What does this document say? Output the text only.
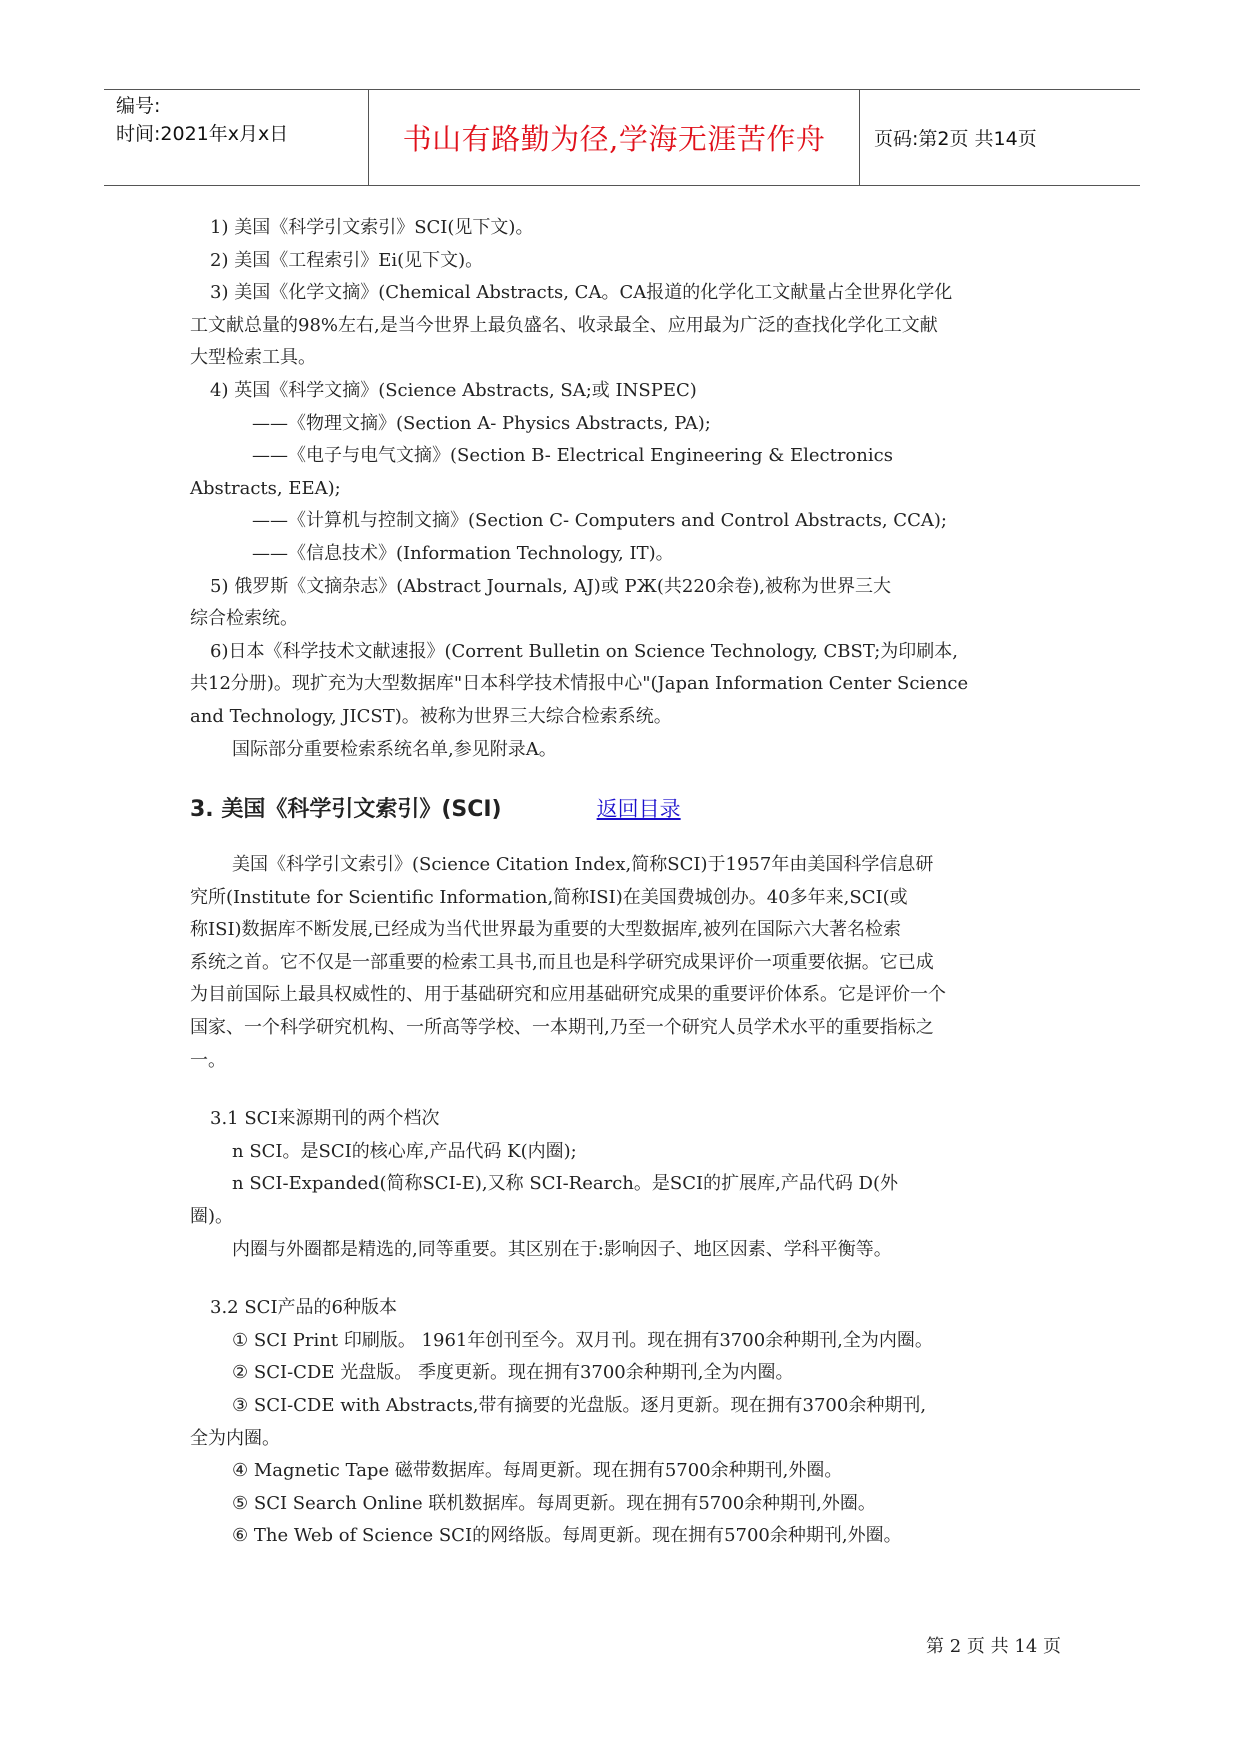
编号:
时间:2021年x月x日	书山有路勤为径,学海无涯苦作舟	页码:第2页 共14页

1) 美国《科学引文索引》SCI(见下文)。

2) 美国《工程索引》Ei(见下文)。

3) 美国《化学文摘》(Chemical Abstracts, CA。CA报道的化学化工文献量占全世界化学化

工文献总量的98%左右,是当今世界上最负盛名、收录最全、应用最为广泛的查找化学化工文献

大型检索工具。

4) 英国《科学文摘》(Science Abstracts, SA;或 INSPEC)

——《物理文摘》(Section A- Physics Abstracts, PA);

——《电子与电气文摘》(Section B- Electrical Engineering & Electronics

Abstracts, EEA);

——《计算机与控制文摘》(Section C- Computers and Control Abstracts, CCA);

——《信息技术》(Information Technology, IT)。

5) 俄罗斯《文摘杂志》(Abstract Journals, AJ)或 РЖ(共220余卷),被称为世界三大

综合检索统。

6)日本《科学技术文献速报》(Corrent Bulletin on Science Technology, CBST;为印刷本,

共12分册)。现扩充为大型数据库"日本科学技术情报中心"(Japan Information Center Science

and Technology, JICST)。被称为世界三大综合检索系统。

国际部分重要检索系统名单,参见附录A。

3. 美国《科学引文索引》(SCI)	返回目录

美国《科学引文索引》(Science Citation Index,简称SCI)于1957年由美国科学信息研

究所(Institute for Scientific Information,简称ISI)在美国费城创办。40多年来,SCI(或

称ISI)数据库不断发展,已经成为当代世界最为重要的大型数据库,被列在国际六大著名检索

系统之首。它不仅是一部重要的检索工具书,而且也是科学研究成果评价一项重要依据。它已成

为目前国际上最具权威性的、用于基础研究和应用基础研究成果的重要评价体系。它是评价一个

国家、一个科学研究机构、一所高等学校、一本期刊,乃至一个研究人员学术水平的重要指标之

一。

3.1 SCI来源期刊的两个档次

n SCI。是SCI的核心库,产品代码 K(内圈);

n SCI-Expanded(简称SCI-E),又称 SCI-Rearch。是SCI的扩展库,产品代码 D(外

圈)。

内圈与外圈都是精选的,同等重要。其区别在于:影响因子、地区因素、学科平衡等。

3.2 SCI产品的6种版本

① SCI Print 印刷版。 1961年创刊至今。双月刊。现在拥有3700余种期刊,全为内圈。

② SCI-CDE 光盘版。 季度更新。现在拥有3700余种期刊,全为内圈。

③ SCI-CDE with Abstracts,带有摘要的光盘版。逐月更新。现在拥有3700余种期刊,

全为内圈。

④ Magnetic Tape 磁带数据库。每周更新。现在拥有5700余种期刊,外圈。

⑤ SCI Search Online 联机数据库。每周更新。现在拥有5700余种期刊,外圈。

⑥ The Web of Science SCI的网络版。每周更新。现在拥有5700余种期刊,外圈。

第 2 页 共 14 页
